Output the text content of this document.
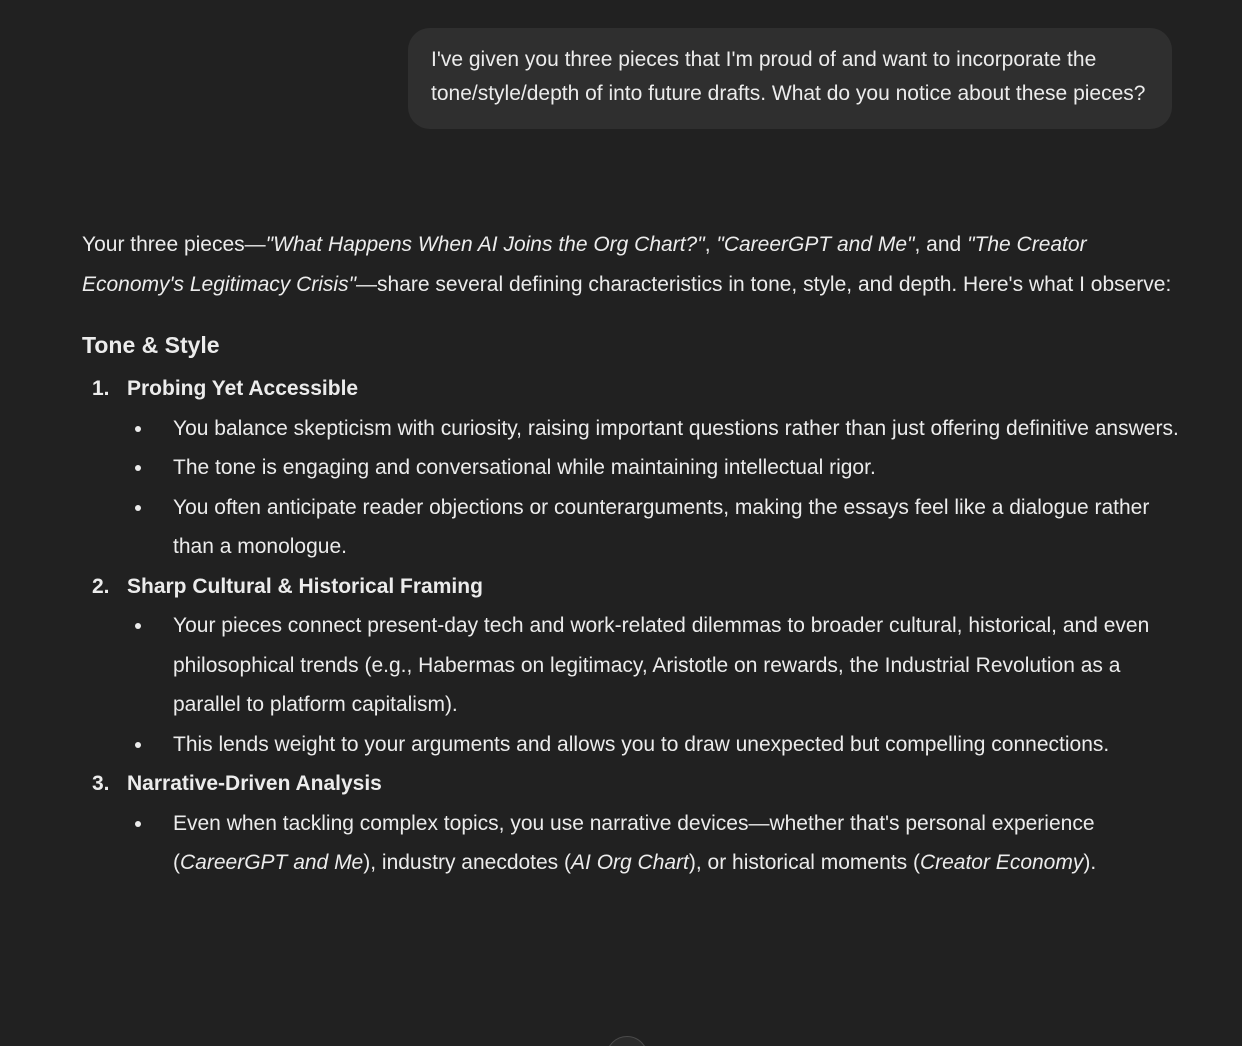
I've given you three pieces that I'm proud of and want to incorporate the tone/style/depth of into future drafts. What do you notice about these pieces?

Your three pieces—"What Happens When AI Joins the Org Chart?", "CareerGPT and Me", and "The Creator Economy's Legitimacy Crisis"—share several defining characteristics in tone, style, and depth. Here's what I observe:

Tone & Style
1. Probing Yet Accessible
You balance skepticism with curiosity, raising important questions rather than just offering definitive answers.
The tone is engaging and conversational while maintaining intellectual rigor.
You often anticipate reader objections or counterarguments, making the essays feel like a dialogue rather than a monologue.
2. Sharp Cultural & Historical Framing
Your pieces connect present-day tech and work-related dilemmas to broader cultural, historical, and even philosophical trends (e.g., Habermas on legitimacy, Aristotle on rewards, the Industrial Revolution as a parallel to platform capitalism).
This lends weight to your arguments and allows you to draw unexpected but compelling connections.
3. Narrative-Driven Analysis
Even when tackling complex topics, you use narrative devices—whether that's personal experience (CareerGPT and Me), industry anecdotes (AI Org Chart), or historical moments (Creator Economy).
